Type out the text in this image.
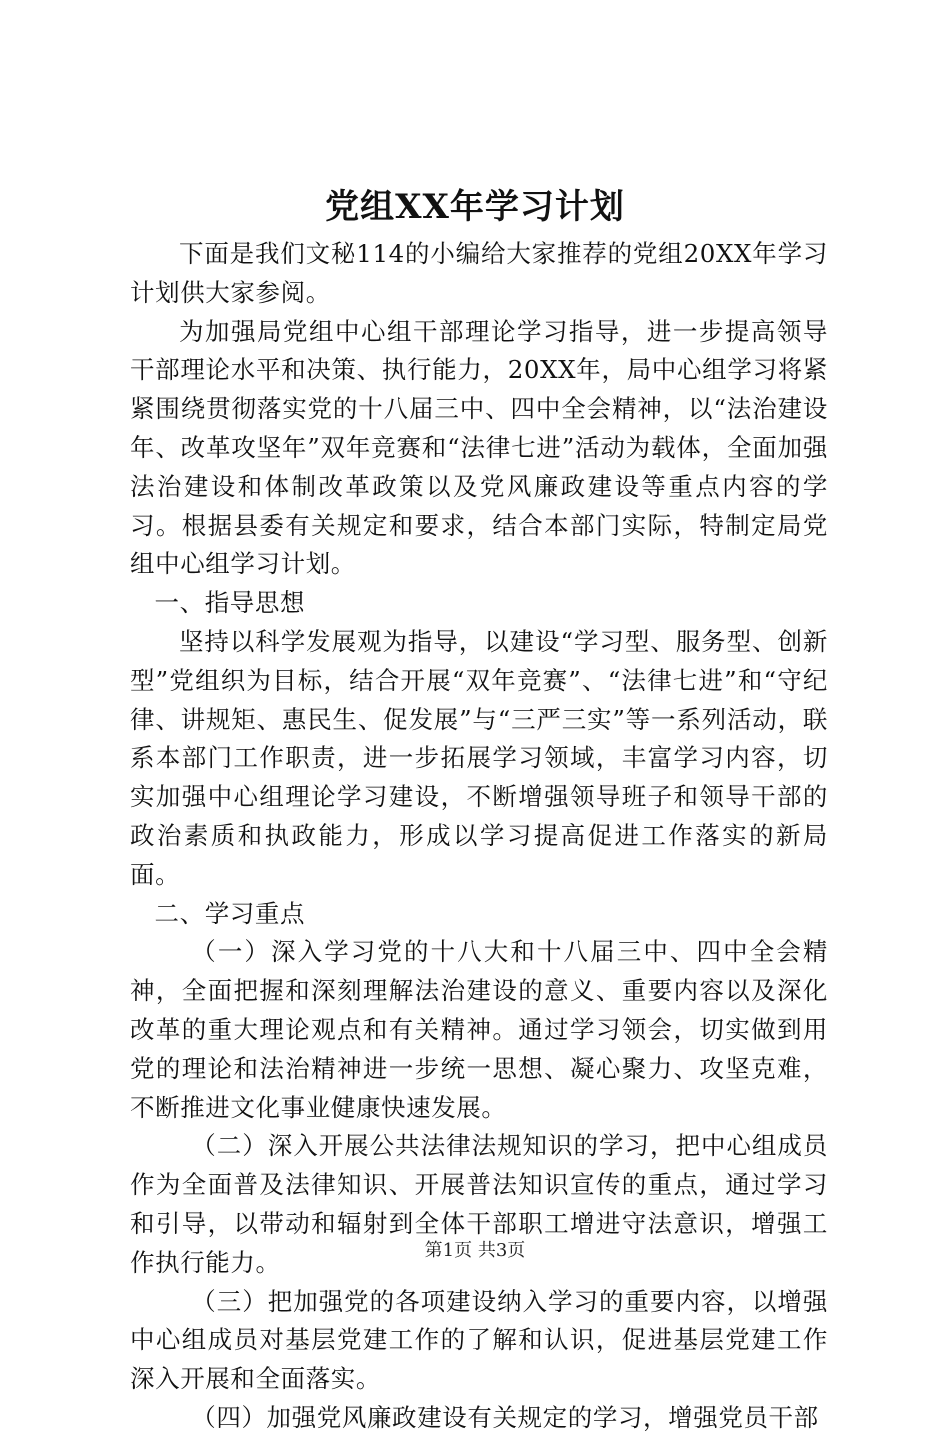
党组XX年学习计划

下面是我们文秘114的小编给大家推荐的党组20XX年学习计划供大家参阅。

为加强局党组中心组干部理论学习指导，进一步提高领导干部理论水平和决策、执行能力，20XX年，局中心组学习将紧紧围绕贯彻落实党的十八届三中、四中全会精神，以“法治建设年、改革攻坚年”双年竞赛和“法律七进”活动为载体，全面加强法治建设和体制改革政策以及党风廉政建设等重点内容的学习。根据县委有关规定和要求，结合本部门实际，特制定局党组中心组学习计划。

一、指导思想

坚持以科学发展观为指导，以建设“学习型、服务型、创新型”党组织为目标，结合开展“双年竞赛”、“法律七进”和“守纪律、讲规矩、惠民生、促发展”与“三严三实”等一系列活动，联系本部门工作职责，进一步拓展学习领域，丰富学习内容，切实加强中心组理论学习建设，不断增强领导班子和领导干部的政治素质和执政能力，形成以学习提高促进工作落实的新局面。

二、学习重点

（一）深入学习党的十八大和十八届三中、四中全会精神，全面把握和深刻理解法治建设的意义、重要内容以及深化改革的重大理论观点和有关精神。通过学习领会，切实做到用党的理论和法治精神进一步统一思想、凝心聚力、攻坚克难，不断推进文化事业健康快速发展。

（二）深入开展公共法律法规知识的学习，把中心组成员作为全面普及法律知识、开展普法知识宣传的重点，通过学习和引导，以带动和辐射到全体干部职工增进守法意识，增强工作执行能力。

（三）把加强党的各项建设纳入学习的重要内容，以增强中心组成员对基层党建工作的了解和认识，促进基层党建工作深入开展和全面落实。

（四）加强党风廉政建设有关规定的学习，增强党员干部

第1页 共3页
